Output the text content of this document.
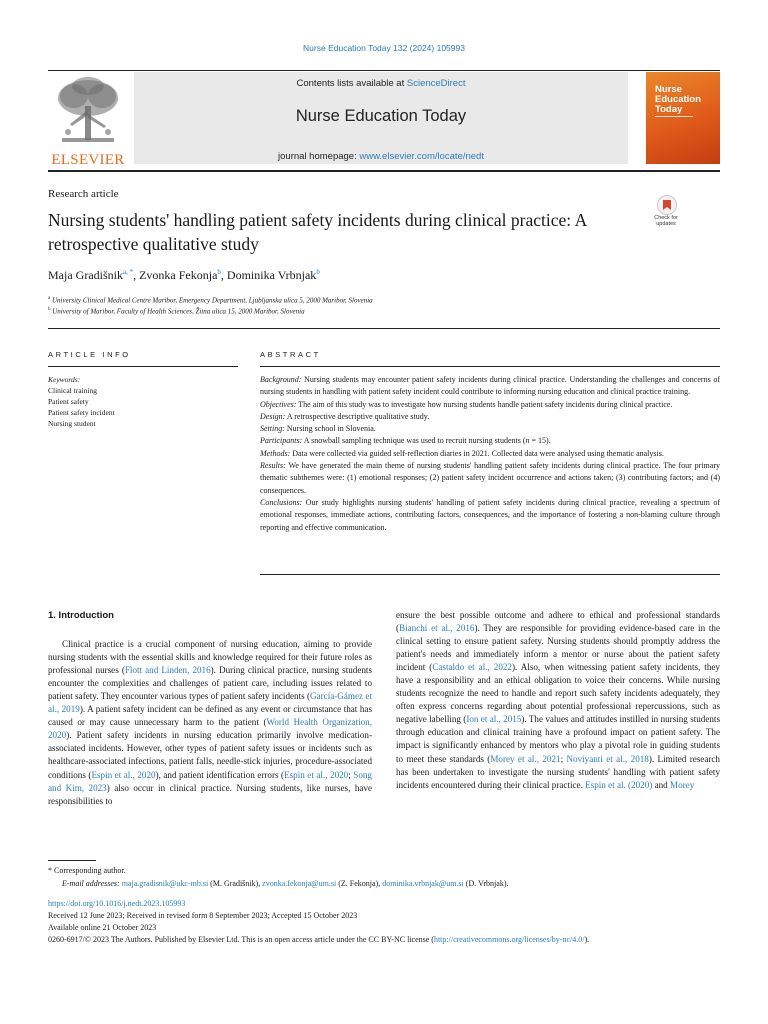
Nurse Education Today 132 (2024) 105993
ELSEVIER
Contents lists available at ScienceDirect
Nurse Education Today
journal homepage: www.elsevier.com/locate/nedt
Nurse Education Today
Research article
Nursing students' handling patient safety incidents during clinical practice: A retrospective qualitative study
Check for updates
Maja Gradišnik$^{a, *}$, Zvonka Fekonja$^b$, Dominika Vrbnjak$^b$
$^a$ University Clinical Medical Centre Maribor, Emergency Department, Ljubljanska ulica 5, 2000 Maribor, Slovenia
$^b$ University of Maribor, Faculty of Health Sciences, Žitna ulica 15, 2000 Maribor, Slovenia
ARTICLE INFO	ABSTRACT
Keywords:
Clinical training
Patient safety
Patient safety incident
Nursing student

Background: Nursing students may encounter patient safety incidents during clinical practice. Understanding the challenges and concerns of nursing students in handling with patient safety incident could contribute to informing nursing education and clinical practice training.

Objectives: The aim of this study was to investigate how nursing students handle patient safety incidents during clinical practice.

Design: A retrospective descriptive qualitative study.

Setting: Nursing school in Slovenia.

Participants: A snowball sampling technique was used to recruit nursing students (n = 15).

Methods: Data were collected via guided self-reflection diaries in 2021. Collected data were analysed using thematic analysis.

Results: We have generated the main theme of nursing students' handling patient safety incidents during clinical practice. The four primary thematic subthemes were: (1) emotional responses; (2) patient safety incident occurrence and actions taken; (3) contributing factors; and (4) consequences.

Conclusions: Our study highlights nursing students' handling of patient safety incidents during clinical practice, revealing a spectrum of emotional responses, immediate actions, contributing factors, consequences, and the importance of fostering a non-blaming culture through reporting and effective communication.

1. Introduction

Clinical practice is a crucial component of nursing education, aiming to provide nursing students with the essential skills and knowledge required for their future roles as professional nurses (Flott and Linden, 2016). During clinical practice, nursing students encounter the complexities and challenges of patient care, including issues related to patient safety. They encounter various types of patient safety incidents (García-Gámez et al., 2019). A patient safety incident can be defined as any event or circumstance that has caused or may cause unnecessary harm to the patient (World Health Organization, 2020). Patient safety incidents in nursing education primarily involve medication-associated incidents. However, other types of patient safety issues or incidents such as healthcare-associated infections, patient falls, needle-stick injuries, procedure-associated conditions (Espin et al., 2020), and patient identification errors (Espin et al., 2020; Song and Kim, 2023) also occur in clinical practice. Nursing students, like nurses, have responsibilities to

ensure the best possible outcome and adhere to ethical and professional standards (Bianchi et al., 2016). They are responsible for providing evidence-based care in the clinical setting to ensure patient safety. Nursing students should promptly address the patient's needs and immediately inform a mentor or nurse about the patient safety incident (Castaldo et al., 2022). Also, when witnessing patient safety incidents, they have a responsibility and an ethical obligation to voice their concerns. While nursing students recognize the need to handle and report such safety incidents adequately, they often express concerns regarding about potential professional repercussions, such as negative labelling (Ion et al., 2015). The values and attitudes instilled in nursing students through education and clinical training have a profound impact on patient safety. The impact is significantly enhanced by mentors who play a pivotal role in guiding students to meet these standards (Morey et al., 2021; Noviyanti et al., 2018). Limited research has been undertaken to investigate the nursing students' handling with patient safety incidents encountered during their clinical practice. Espin et al. (2020) and Morey

* Corresponding author.
E-mail addresses: maja.gradisnik@ukc-mb.si (M. Gradišnik), zvonka.fekonja@um.si (Z. Fekonja), dominika.vrbnjak@um.si (D. Vrbnjak).
https://doi.org/10.1016/j.nedt.2023.105993
Received 12 June 2023; Received in revised form 8 September 2023; Accepted 15 October 2023
Available online 21 October 2023
0260-6917/© 2023 The Authors. Published by Elsevier Ltd. This is an open access article under the CC BY-NC license (http://creativecommons.org/licenses/by-nc/4.0/).
